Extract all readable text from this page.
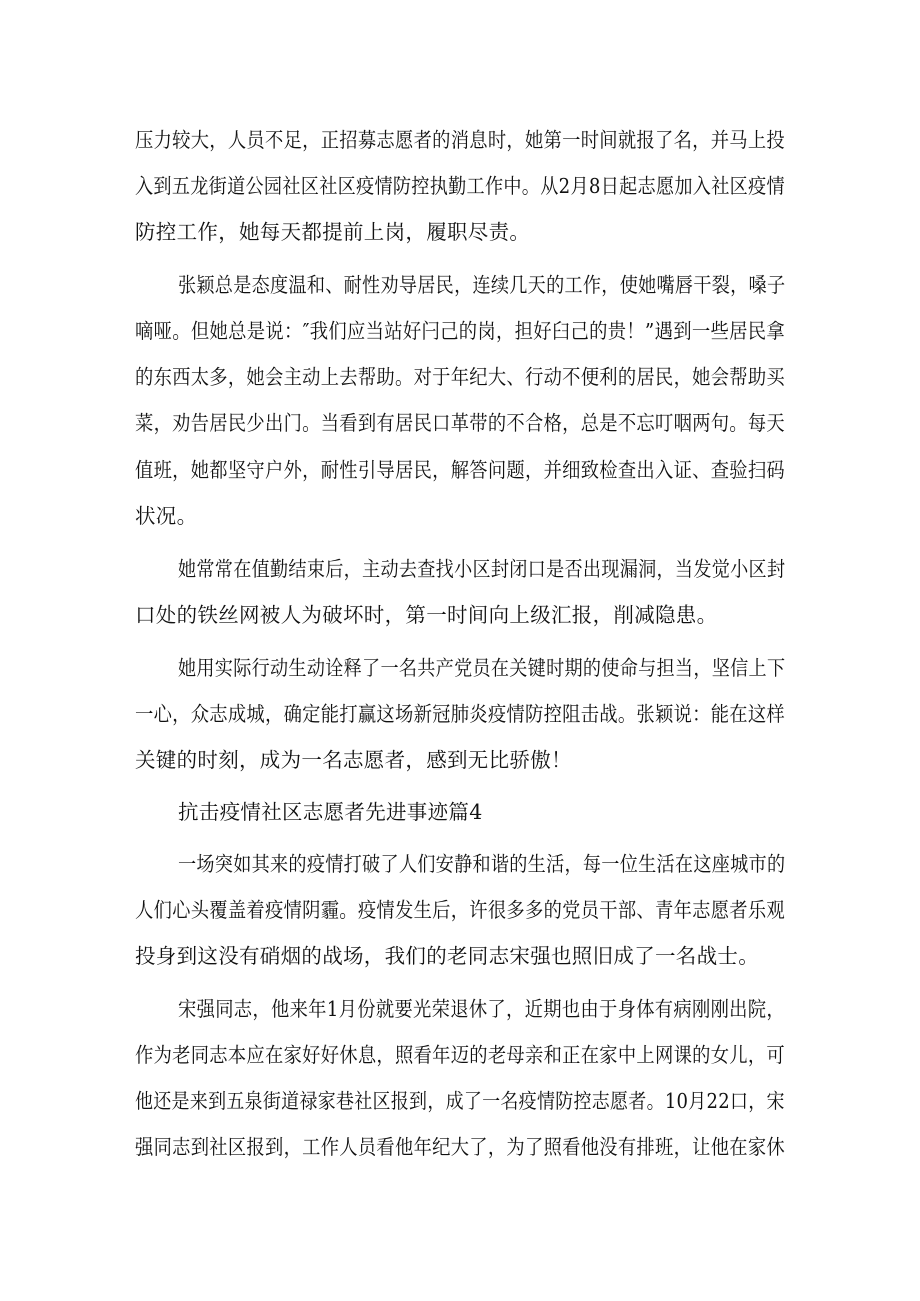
压力较大，人员不足，正招募志愿者的消息时，她第一时间就报了名，并马上投
入到五龙街道公园社区社区疫情防控执勤工作中。从2月8日起志愿加入社区疫情
防控工作，她每天都提前上岗，履职尽责。
张颖总是态度温和、耐性劝导居民，连续几天的工作，使她嘴唇干裂，嗓子
嘀哑。但她总是说：″我们应当站好闩己的岗，担好臼己的贵！”遇到一些居民拿
的东西太多，她会主动上去帮助。对于年纪大、行动不便利的居民，她会帮助买
菜，劝告居民少出门。当看到有居民口革带的不合格，总是不忘叮咽两句。每天
值班，她都坚守户外，耐性引导居民，解答问题，并细致检查出入证、查验扫码
状况。
她常常在值勤结束后，主动去查找小区封闭口是否出现漏洞，当发觉小区封
口处的铁丝网被人为破坏时，第一时间向上级汇报，削减隐患。
她用实际行动生动诠释了一名共产党员在关键时期的使命与担当，坚信上下
一心，众志成城，确定能打赢这场新冠肺炎疫情防控阻击战。张颖说：能在这样
关键的时刻，成为一名志愿者，感到无比骄傲！
抗击疫情社区志愿者先进事迹篇4
一场突如其来的疫情打破了人们安静和谐的生活，每一位生活在这座城市的
人们心头覆盖着疫情阴霾。疫情发生后，许很多多的党员干部、青年志愿者乐观
投身到这没有硝烟的战场，我们的老同志宋强也照旧成了一名战士。
宋强同志，他来年1月份就要光荣退休了，近期也由于身体有病刚刚出院，
作为老同志本应在家好好休息，照看年迈的老母亲和正在家中上网课的女儿，可
他还是来到五泉街道禄家巷社区报到，成了一名疫情防控志愿者。10月22口，宋
强同志到社区报到，工作人员看他年纪大了，为了照看他没有排班，让他在家休
